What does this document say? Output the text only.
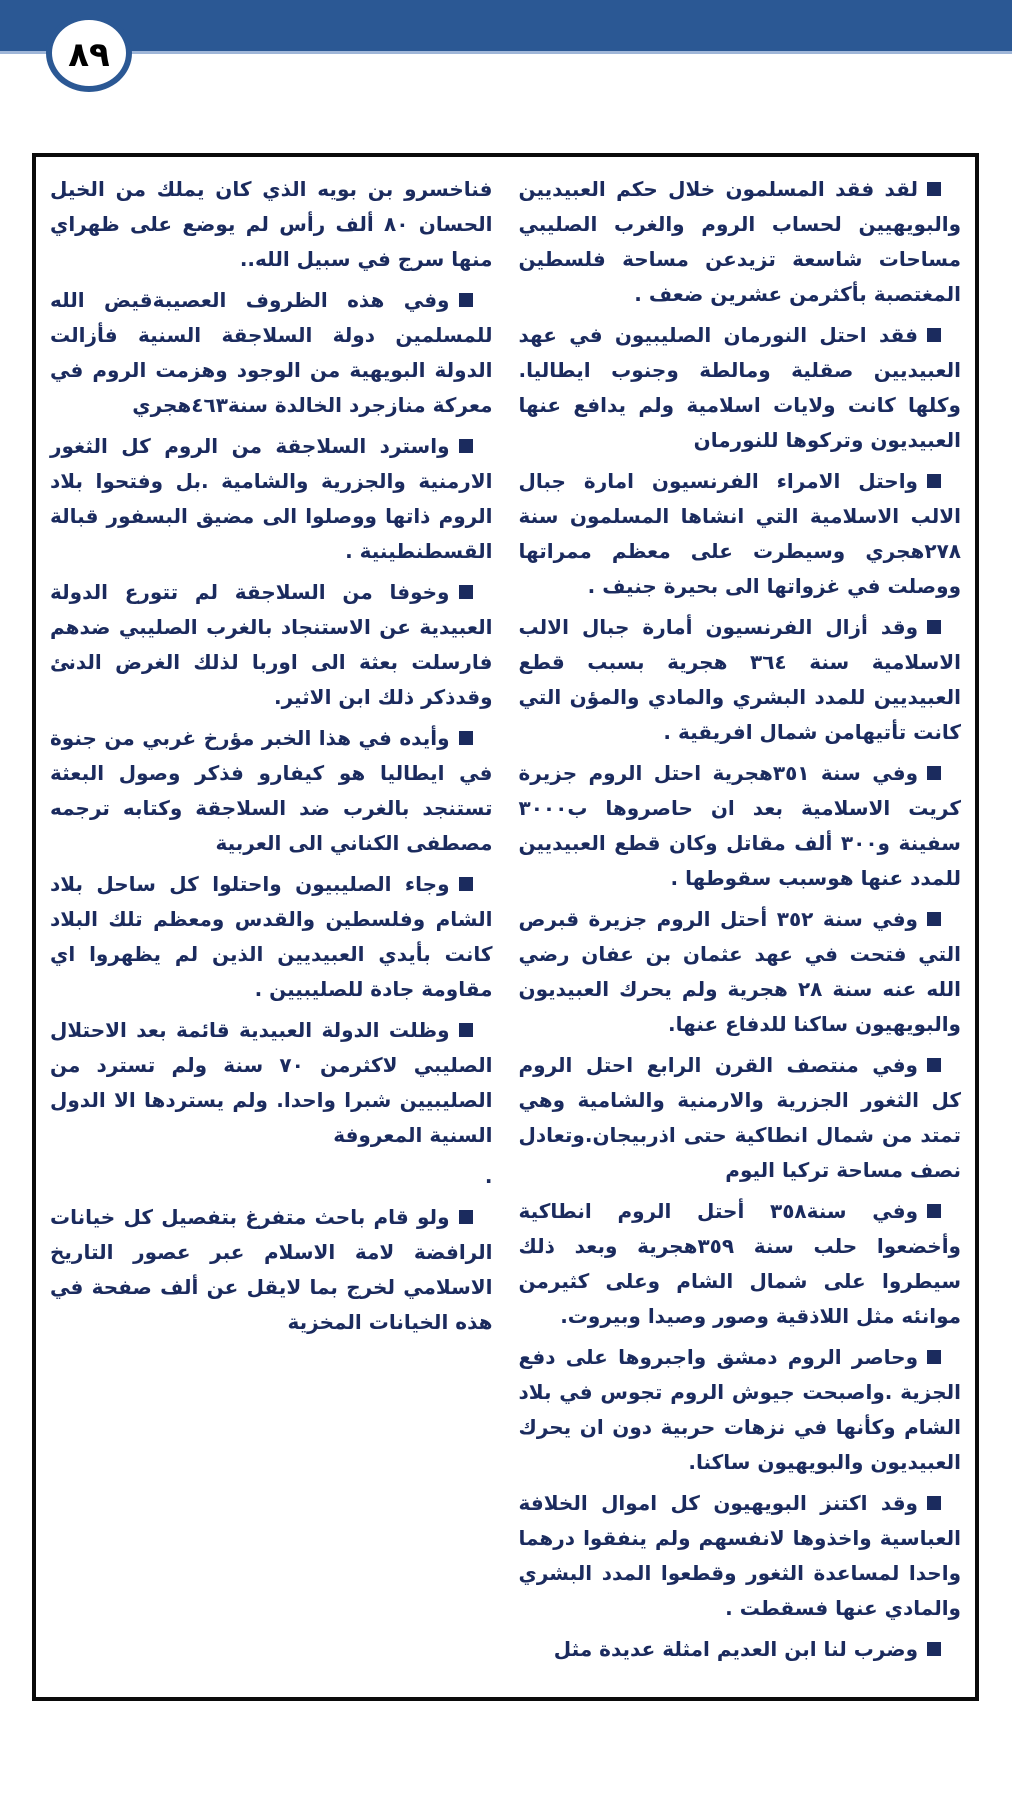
٨٩

لقد فقد المسلمون خلال حكم العبيديين والبويهيين لحساب الروم والغرب الصليبي مساحات شاسعة تزيدعن مساحة فلسطين المغتصبة بأكثرمن عشرين ضعف .

فقد احتل النورمان الصليبيون في عهد العبيديين صقلية ومالطة وجنوب ايطاليا. وكلها كانت ولايات اسلامية ولم يدافع عنها العبيديون وتركوها للنورمان

واحتل الامراء الفرنسيون امارة جبال الالب الاسلامية التي انشاها المسلمون سنة ٢٧٨هجري وسيطرت على معظم ممراتها ووصلت في غزواتها الى بحيرة جنيف .

وقد أزال الفرنسيون أمارة جبال الالب الاسلامية سنة ٣٦٤ هجرية بسبب قطع العبيديين للمدد البشري والمادي والمؤن التي كانت تأتيهامن شمال افريقية .

وفي سنة ٣٥١هجرية احتل الروم جزيرة كريت الاسلامية بعد ان حاصروها ب٣٠٠٠ سفينة و٣٠٠ ألف مقاتل وكان قطع العبيديين للمدد عنها هوسبب سقوطها .

وفي سنة ٣٥٢ أحتل الروم جزيرة قبرص التي فتحت في عهد عثمان بن عفان رضي الله عنه سنة ٢٨ هجرية ولم يحرك العبيديون والبويهيون ساكنا للدفاع عنها.

وفي منتصف القرن الرابع احتل الروم كل الثغور الجزرية والارمنية والشامية وهي تمتد من شمال انطاكية حتى اذربيجان.وتعادل نصف مساحة تركيا اليوم

وفي سنة٣٥٨ أحتل الروم انطاكية وأخضعوا حلب سنة ٣٥٩هجرية وبعد ذلك سيطروا على شمال الشام وعلى كثيرمن موانئه مثل اللاذقية وصور وصيدا وبيروت.

وحاصر الروم دمشق واجبروها على دفع الجزية .واصبحت جيوش الروم تجوس في بلاد الشام وكأنها في نزهات حربية دون ان يحرك العبيديون والبويهيون ساكنا.

وقد اكتنز البويهيون كل اموال الخلافة العباسية واخذوها لانفسهم ولم ينفقوا درهما واحدا لمساعدة الثغور وقطعوا المدد البشري والمادي عنها فسقطت .

وضرب لنا ابن العديم امثلة عديدة مثل

فناخسرو بن بويه الذي كان يملك من الخيل الحسان ٨٠ ألف رأس لم يوضع على ظهراي منها سرج في سبيل الله..

وفي هذه الظروف العصيبةقيض الله للمسلمين دولة السلاجقة السنية فأزالت الدولة البويهية من الوجود وهزمت الروم في معركة منازجرد الخالدة سنة٤٦٣هجري

واسترد السلاجقة من الروم كل الثغور الارمنية والجزرية والشامية .بل وفتحوا بلاد الروم ذاتها ووصلوا الى مضيق البسفور قبالة القسطنطينية .

وخوفا من السلاجقة لم تتورع الدولة العبيدية عن الاستنجاد بالغرب الصليبي ضدهم فارسلت بعثة الى اوربا لذلك الغرض الدنئ وقدذكر ذلك ابن الاثير.

وأيده في هذا الخبر مؤرخ غربي من جنوة في ايطاليا هو كيفارو فذكر وصول البعثة تستنجد بالغرب ضد السلاجقة وكتابه ترجمه مصطفى الكناني الى العربية

وجاء الصليبيون واحتلوا كل ساحل بلاد الشام وفلسطين والقدس ومعظم تلك البلاد كانت بأيدي العبيديين الذين لم يظهروا اي مقاومة جادة للصليبيين .

وظلت الدولة العبيدية قائمة بعد الاحتلال الصليبي لاكثرمن ٧٠ سنة ولم تسترد من الصليبيين شبرا واحدا. ولم يستردها الا الدول السنية المعروفة

.

ولو قام باحث متفرغ بتفصيل كل خيانات الرافضة لامة الاسلام عبر عصور التاريخ الاسلامي لخرج بما لايقل عن ألف صفحة في هذه الخيانات المخزية
